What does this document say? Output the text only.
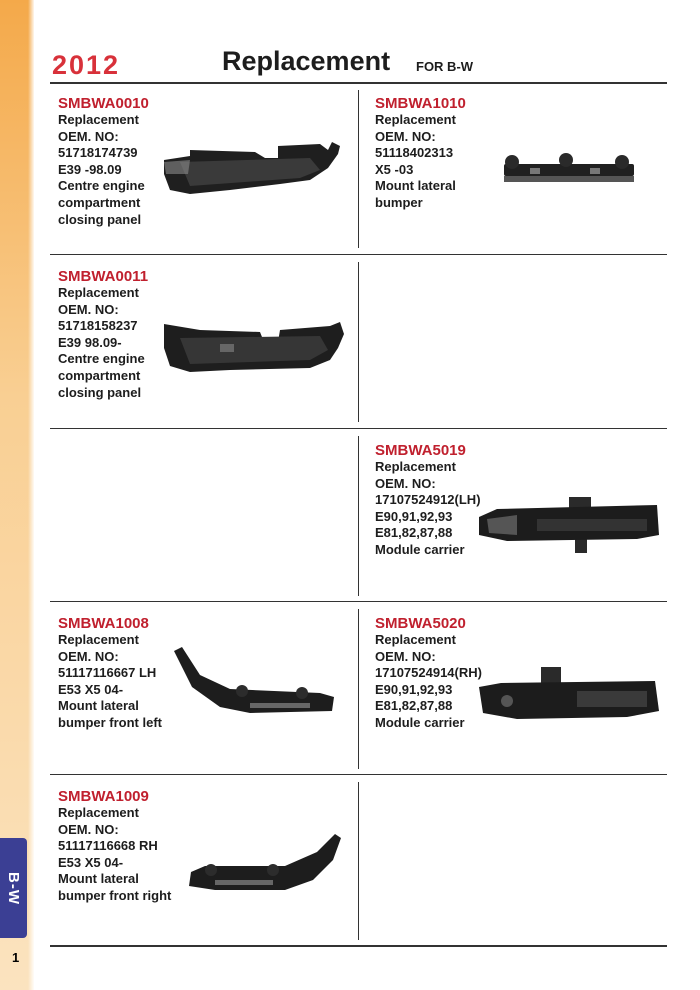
B-W
1
2012	Replacement FOR B-W
SMBWA0010
Replacement
OEM. NO:
51718174739
E39 -98.09
Centre engine
compartment
closing panel
SMBWA1010
Replacement
OEM. NO:
51118402313
X5 -03
Mount lateral
bumper
SMBWA0011
Replacement
OEM. NO:
51718158237
E39 98.09-
Centre engine
compartment
closing panel
SMBWA5019
Replacement
OEM. NO:
17107524912(LH)
E90,91,92,93
E81,82,87,88
Module carrier
SMBWA1008
Replacement
OEM. NO:
51117116667 LH
E53 X5 04-
Mount lateral
bumper front left
SMBWA5020
Replacement
OEM. NO:
17107524914(RH)
E90,91,92,93
E81,82,87,88
Module carrier
SMBWA1009
Replacement
OEM. NO:
51117116668 RH
E53 X5 04-
Mount lateral
bumper front right
